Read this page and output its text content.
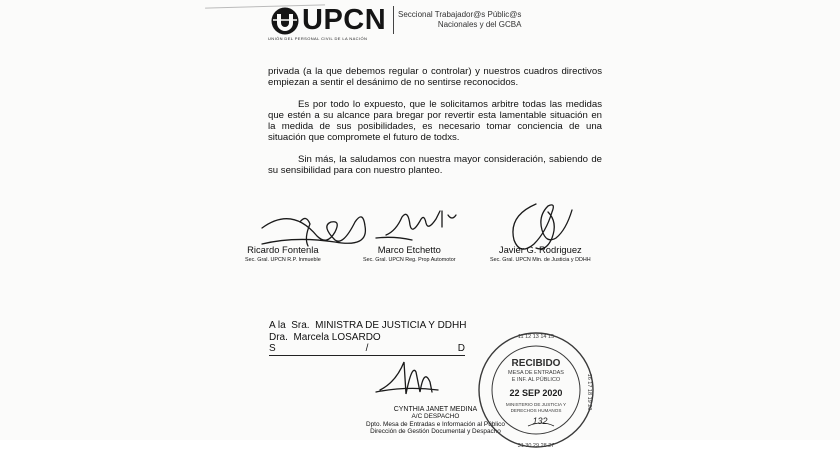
UPCN
UNIÓN DEL PERSONAL CIVIL DE LA NACIÓN
Seccional Trabajador@s Públic@s
Nacionales y del GCBA

privada (a la que debemos regular o controlar) y nuestros cuadros directivos empiezan a sentir el desánimo de no sentirse reconocidos.

Es por todo lo expuesto, que le solicitamos arbitre todas las medidas que estén a su alcance para bregar por revertir esta lamentable situación en la medida de sus posibilidades, es necesario tomar conciencia de una situación que compromete el futuro de todxs.

Sin más, la saludamos con nuestra mayor consideración, sabiendo de su sensibilidad para con nuestro planteo.

Ricardo Fontenla
Sec. Gral. UPCN R.P. Inmueble
Marco Etchetto
Sec. Gral. UPCN Reg. Prop Automotor
Javier G. Rodriguez
Sec. Gral. UPCN Min. de Justicia y DDHH
A la  Sra.  MINISTRA DE JUSTICIA Y DDHH
Dra.  Marcela LOSARDO
S	/	D
CYNTHIA JANET MEDINA
A/C DESPACHO
Dpto. Mesa de Entradas e Información al Público
Dirección de Gestión Documental y Despacho
11 12 13 14 15
16 17 18 19 20
31 30 29 28 27
RECIBIDO
MESA DE ENTRADAS
E INF. AL PÚBLICO
22 SEP 2020
MINISTERIO DE JUSTICIA Y
DERECHOS HUMANOS
132
